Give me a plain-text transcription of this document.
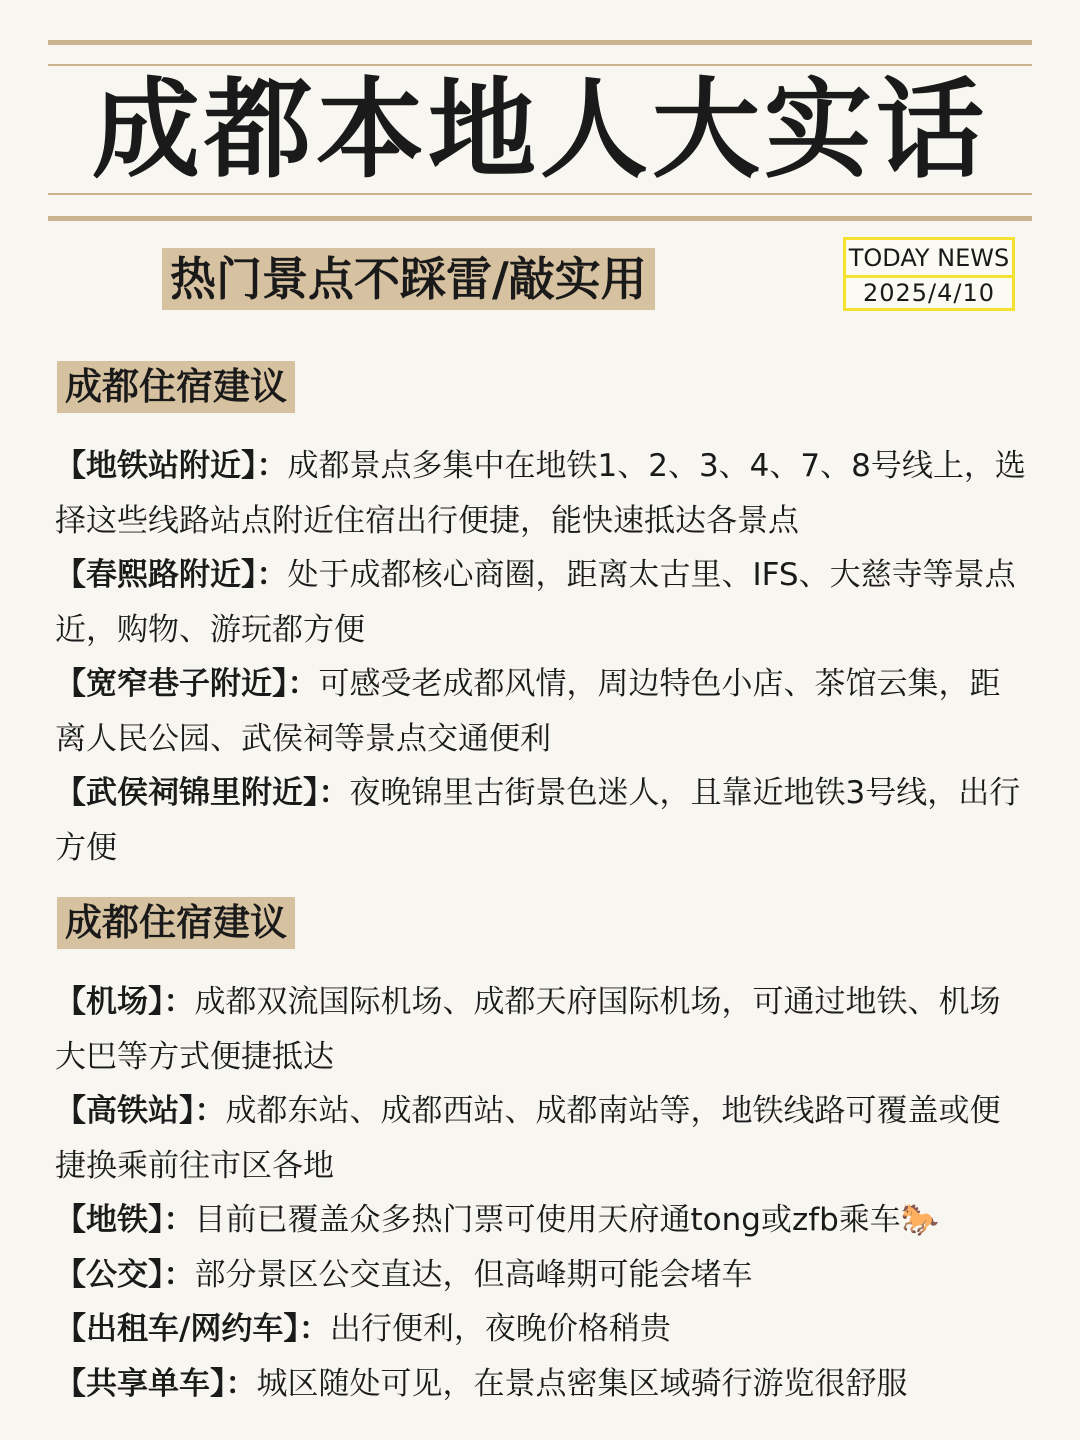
成都本地人大实话
热门景点不踩雷/敲实用	TODAY NEWS
2025/4/10
成都住宿建议

【地铁站附近】：成都景点多集中在地铁1、2、3、4、7、8号线上，选择这些线路站点附近住宿出行便捷，能快速抵达各景点

【春熙路附近】：处于成都核心商圈，距离太古里、IFS、大慈寺等景点近，购物、游玩都方便

【宽窄巷子附近】：可感受老成都风情，周边特色小店、茶馆云集，距离人民公园、武侯祠等景点交通便利

【武侯祠锦里附近】：夜晚锦里古街景色迷人，且靠近地铁3号线，出行方便

成都住宿建议

【机场】：成都双流国际机场、成都天府国际机场，可通过地铁、机场大巴等方式便捷抵达

【高铁站】：成都东站、成都西站、成都南站等，地铁线路可覆盖或便捷换乘前往市区各地

【地铁】：目前已覆盖众多热门票可使用天府通tong或zfb乘车🐎

【公交】：部分景区公交直达，但高峰期可能会堵车

【出租车/网约车】：出行便利，夜晚价格稍贵

【共享单车】：城区随处可见，在景点密集区域骑行游览很舒服
